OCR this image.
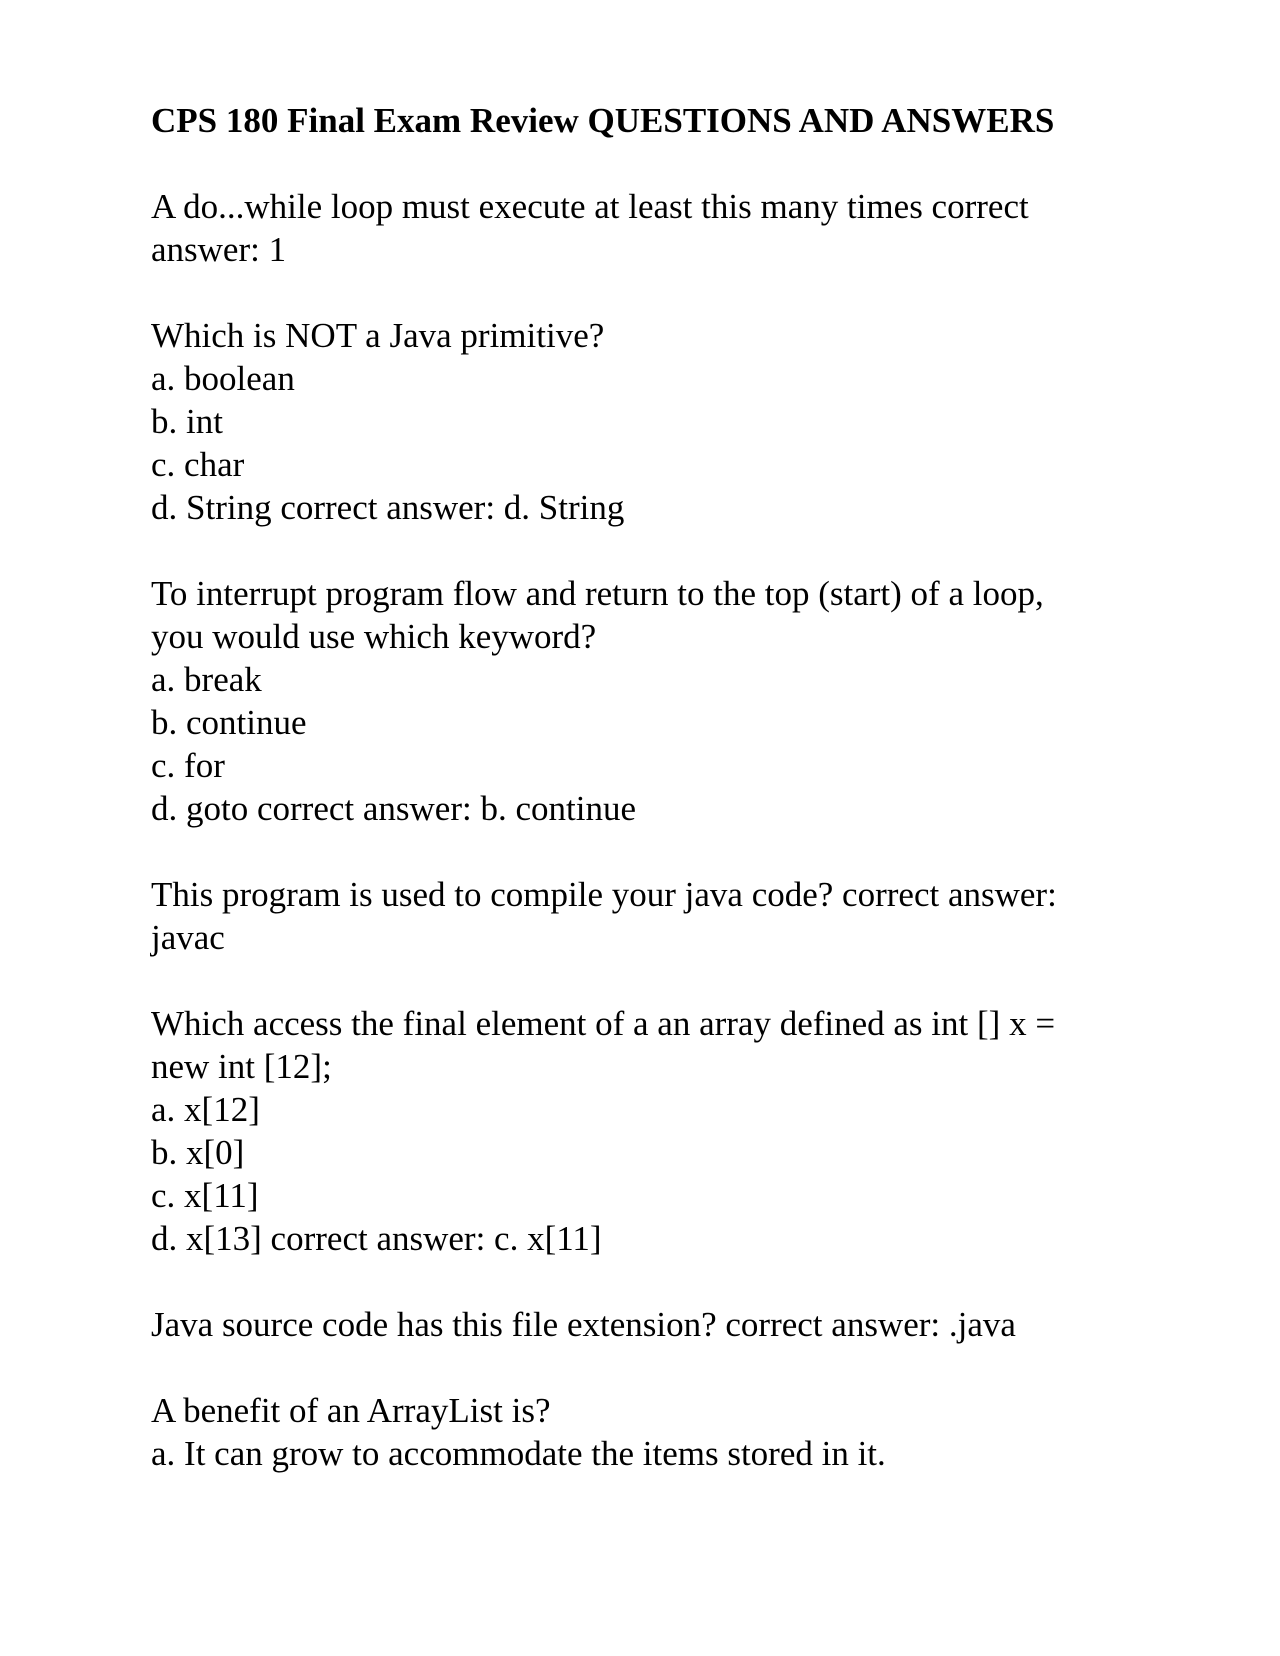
CPS 180 Final Exam Review QUESTIONS AND ANSWERS
A do...while loop must execute at least this many times correct
answer: 1
Which is NOT a Java primitive?
a. boolean
b. int
c. char
d. String correct answer: d. String
To interrupt program flow and return to the top (start) of a loop,
you would use which keyword?
a. break
b. continue
c. for
d. goto correct answer: b. continue
This program is used to compile your java code? correct answer:
javac
Which access the final element of a an array defined as int [] x =
new int [12];
a. x[12]
b. x[0]
c. x[11]
d. x[13] correct answer: c. x[11]
Java source code has this file extension? correct answer: .java
A benefit of an ArrayList is?
a. It can grow to accommodate the items stored in it.
